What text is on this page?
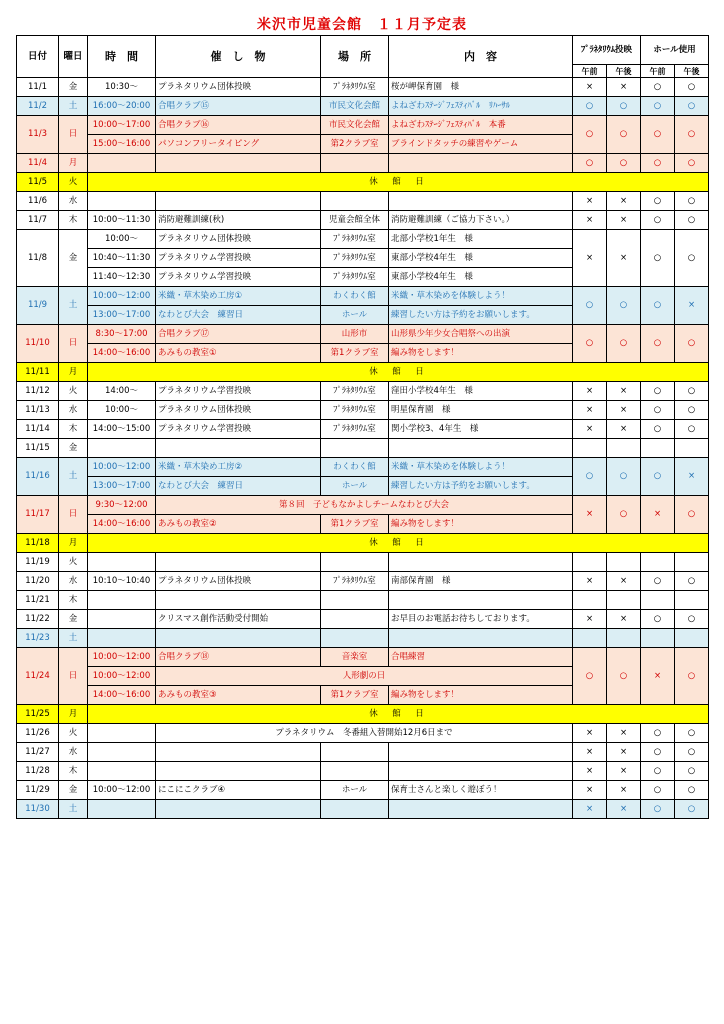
米沢市児童会館　１１月予定表
日付	曜日	時　間	催　し　物	場　所	内　容	ﾌﾟﾗﾈﾀﾘｳﾑ投映		ホール使用	
						午前	午後	午前	午後
11/1	金	10:30～	プラネタリウム団体投映	ﾌﾟﾗﾈﾀﾘｳﾑ室	桜が岬保育園　様	×	×	○	○
11/2	土	16:00～20:00	合唱クラブ⑮	市民文化会館	よねざわｽﾃｰｼﾞﾌｪｽﾃｨﾊﾞﾙ　ﾘﾊｰｻﾙ	○	○	○	○
11/3	日	10:00～17:00	合唱クラブ⑯	市民文化会館	よねざわｽﾃｰｼﾞﾌｪｽﾃｨﾊﾞﾙ　本番	○	○	○	○
		15:00～16:00	パソコンフリータイピング	第2クラブ室	ブラインドタッチの練習やゲーム				
11/4	月					○	○	○	○
11/5	火	休　館　日							
11/6	水					×	×	○	○
11/7	木	10:00～11:30	消防避難訓練(秋)	児童会館全体	消防避難訓練（ご協力下さい。）	×	×	○	○
11/8	金	10:00～	プラネタリウム団体投映	ﾌﾟﾗﾈﾀﾘｳﾑ室	北部小学校1年生　様	×	×	○	○
		10:40～11:30	プラネタリウム学習投映	ﾌﾟﾗﾈﾀﾘｳﾑ室	東部小学校4年生　様				
		11:40～12:30	プラネタリウム学習投映	ﾌﾟﾗﾈﾀﾘｳﾑ室	東部小学校4年生　様				
11/9	土	10:00～12:00	米織・草木染め工房①	わくわく館	米織・草木染めを体験しよう！	○	○	○	×
		13:00～17:00	なわとび大会　練習日	ホール	練習したい方は予約をお願いします。				
11/10	日	8:30～17:00	合唱クラブ⑰	山形市	山形県少年少女合唱祭への出演	○	○	○	○
		14:00～16:00	あみもの教室①	第1クラブ室	編み物をします！				
11/11	月	休　館　日							
11/12	火	14:00～	プラネタリウム学習投映	ﾌﾟﾗﾈﾀﾘｳﾑ室	窪田小学校4年生　様	×	×	○	○
11/13	水	10:00～	プラネタリウム団体投映	ﾌﾟﾗﾈﾀﾘｳﾑ室	明星保育園　様	×	×	○	○
11/14	木	14:00～15:00	プラネタリウム学習投映	ﾌﾟﾗﾈﾀﾘｳﾑ室	関小学校3、4年生　様	×	×	○	○
11/15	金								
11/16	土	10:00～12:00	米織・草木染め工房②	わくわく館	米織・草木染めを体験しよう！	○	○	○	×
		13:00～17:00	なわとび大会　練習日	ホール	練習したい方は予約をお願いします。				
11/17	日	9:30～12:00	第８回　子どもなかよしチームなわとび大会			×	○	×	○
		14:00～16:00	あみもの教室②	第1クラブ室	編み物をします！				
11/18	月	休　館　日							
11/19	火								
11/20	水	10:10～10:40	プラネタリウム団体投映	ﾌﾟﾗﾈﾀﾘｳﾑ室	南部保育園　様	×	×	○	○
11/21	木								
11/22	金		クリスマス創作活動受付開始		お早目のお電話お待ちしております。	×	×	○	○
11/23	土								
11/24	日	10:00～12:00	合唱クラブ⑱	音楽室	合唱練習	○	○	×	○
		10:00～12:00	人形劇の日						
		14:00～16:00	あみもの教室③	第1クラブ室	編み物をします！				
11/25	月	休　館　日							
11/26	火		プラネタリウム　冬番組入替開始12月6日まで			×	×	○	○
11/27	水					×	×	○	○
11/28	木					×	×	○	○
11/29	金	10:00～12:00	にこにこクラブ④	ホール	保育士さんと楽しく遊ぼう！	×	×	○	○
11/30	土					×	×	○	○
